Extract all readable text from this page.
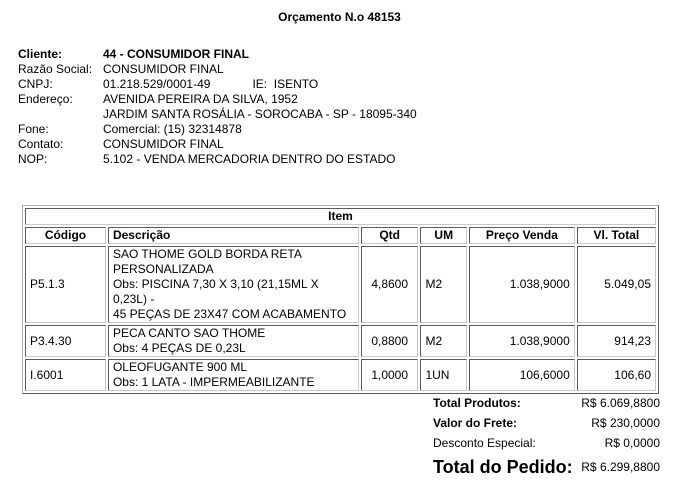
Orçamento N.o 48153
Cliente:	44 - CONSUMIDOR FINAL
Razão Social:	CONSUMIDOR FINAL
CNPJ:	01.218.529/0001-49 IE: ISENTO
Endereço:	AVENIDA PEREIRA DA SILVA, 1952
	JARDIM SANTA ROSÁLIA - SOROCABA - SP - 18095-340
Fone:	Comercial: (15) 32314878
Contato:	CONSUMIDOR FINAL
NOP:	5.102 - VENDA MERCADORIA DENTRO DO ESTADO
Item					
Código	Descrição	Qtd	UM	Preço Venda	Vl. Total
P5.1.3	SAO THOME GOLD BORDA RETA
PERSONALIZADA
Obs: PISCINA 7,30 X 3,10 (21,15ML X 0,23L) -
45 PEÇAS DE 23X47 COM ACABAMENTO	4,8600	M2	1.038,9000	5.049,05
P3.4.30	PECA CANTO SAO THOME
Obs: 4 PEÇAS DE 0,23L	0,8800	M2	1.038,9000	914,23
I.6001	OLEOFUGANTE 900 ML
Obs: 1 LATA - IMPERMEABILIZANTE	1,0000	1UN	106,6000	106,60
Total Produtos:	R$ 6.069,8800
Valor do Frete:	R$ 230,0000
Desconto Especial:	R$ 0,0000
Total do Pedido:	R$ 6.299,8800
